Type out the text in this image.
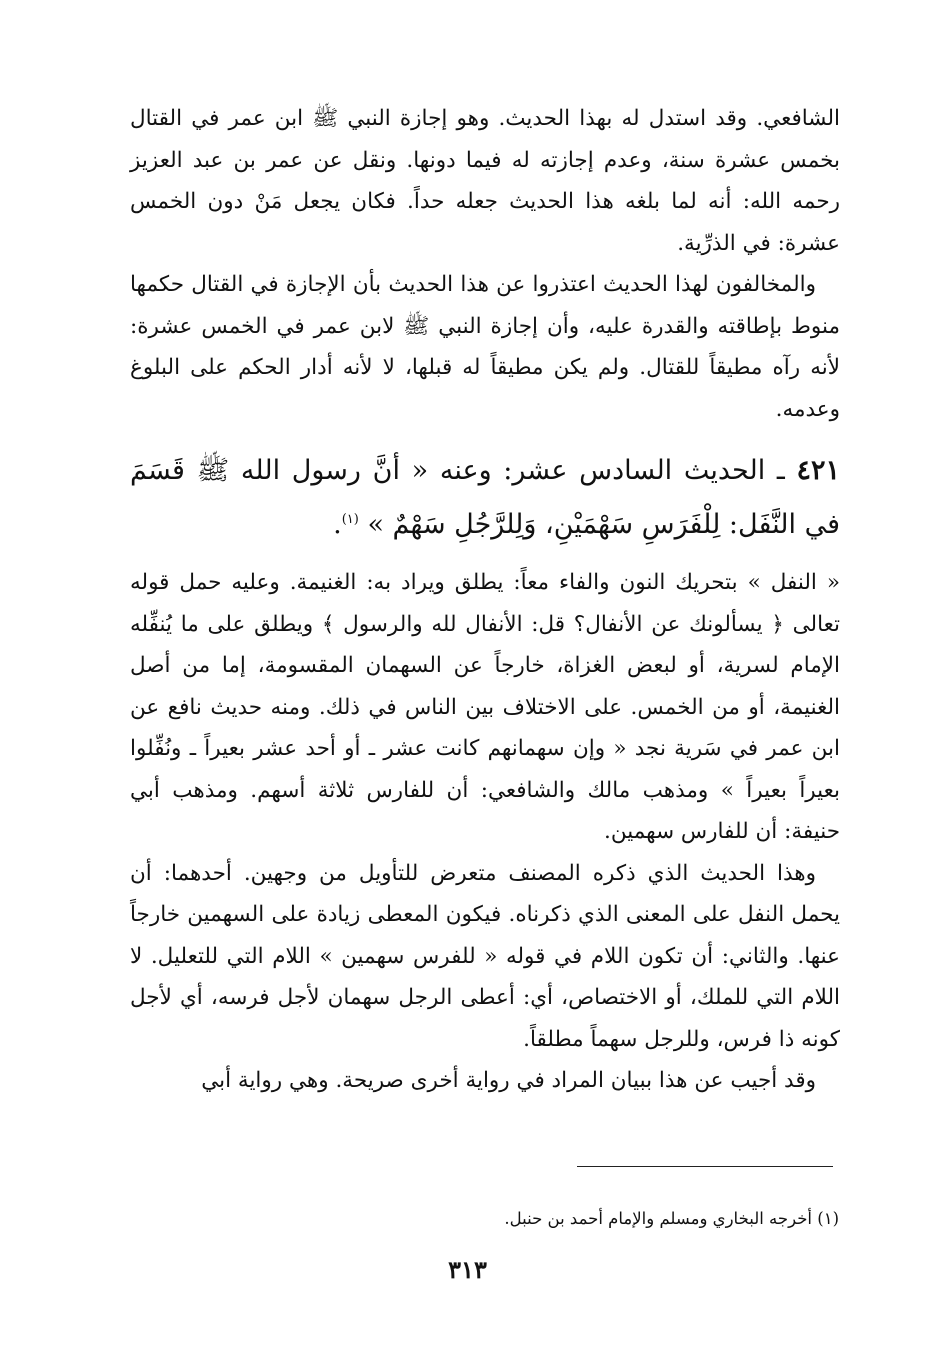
الشافعي. وقد استدل له بهذا الحديث. وهو إجازة النبي ﷺ ابن عمر في القتال بخمس عشرة سنة، وعدم إجازته له فيما دونها. ونقل عن عمر بن عبد العزيز رحمه الله: أنه لما بلغه هذا الحديث جعله حداً. فكان يجعل مَنْ دون الخمس عشرة: في الذرِّية.

والمخالفون لهذا الحديث اعتذروا عن هذا الحديث بأن الإجازة في القتال حكمها منوط بإطاقته والقدرة عليه، وأن إجازة النبي ﷺ لابن عمر في الخمس عشرة: لأنه رآه مطيقاً للقتال. ولم يكن مطيقاً له قبلها، لا لأنه أدار الحكم على البلوغ وعدمه.

٤٢١ ـ الحديث السادس عشر: وعنه « أنَّ رسول الله ﷺ قَسَمَ في النَّفَل: لِلْفَرَسِ سَهْمَيْنِ، وَلِلرَّجُلِ سَهْمٌ » $^{(١)}$.

« النفل » بتحريك النون والفاء معاً: يطلق ويراد به: الغنيمة. وعليه حمل قوله تعالى ﴿ يسألونك عن الأنفال؟ قل: الأنفال لله والرسول ﴾ ويطلق على ما يُنفِّله الإمام لسرية، أو لبعض الغزاة، خارجاً عن السهمان المقسومة، إما من أصل الغنيمة، أو من الخمس. على الاختلاف بين الناس في ذلك. ومنه حديث نافع عن ابن عمر في سَرية نجد « وإن سهمانهم كانت عشر ـ أو أحد عشر بعيراً ـ ونُفِّلوا بعيراً بعيراً » ومذهب مالك والشافعي: أن للفارس ثلاثة أسهم. ومذهب أبي حنيفة: أن للفارس سهمين.

وهذا الحديث الذي ذكره المصنف متعرض للتأويل من وجهين. أحدهما: أن يحمل النفل على المعنى الذي ذكرناه. فيكون المعطى زيادة على السهمين خارجاً عنها. والثاني: أن تكون اللام في قوله « للفرس سهمين » اللام التي للتعليل. لا اللام التي للملك، أو الاختصاص، أي: أعطى الرجل سهمان لأجل فرسه، أي لأجل كونه ذا فرس، وللرجل سهماً مطلقاً.

وقد أجيب عن هذا ببيان المراد في رواية أخرى صريحة. وهي رواية أبي

(١) أخرجه البخاري ومسلم والإمام أحمد بن حنبل.
٣١٣
